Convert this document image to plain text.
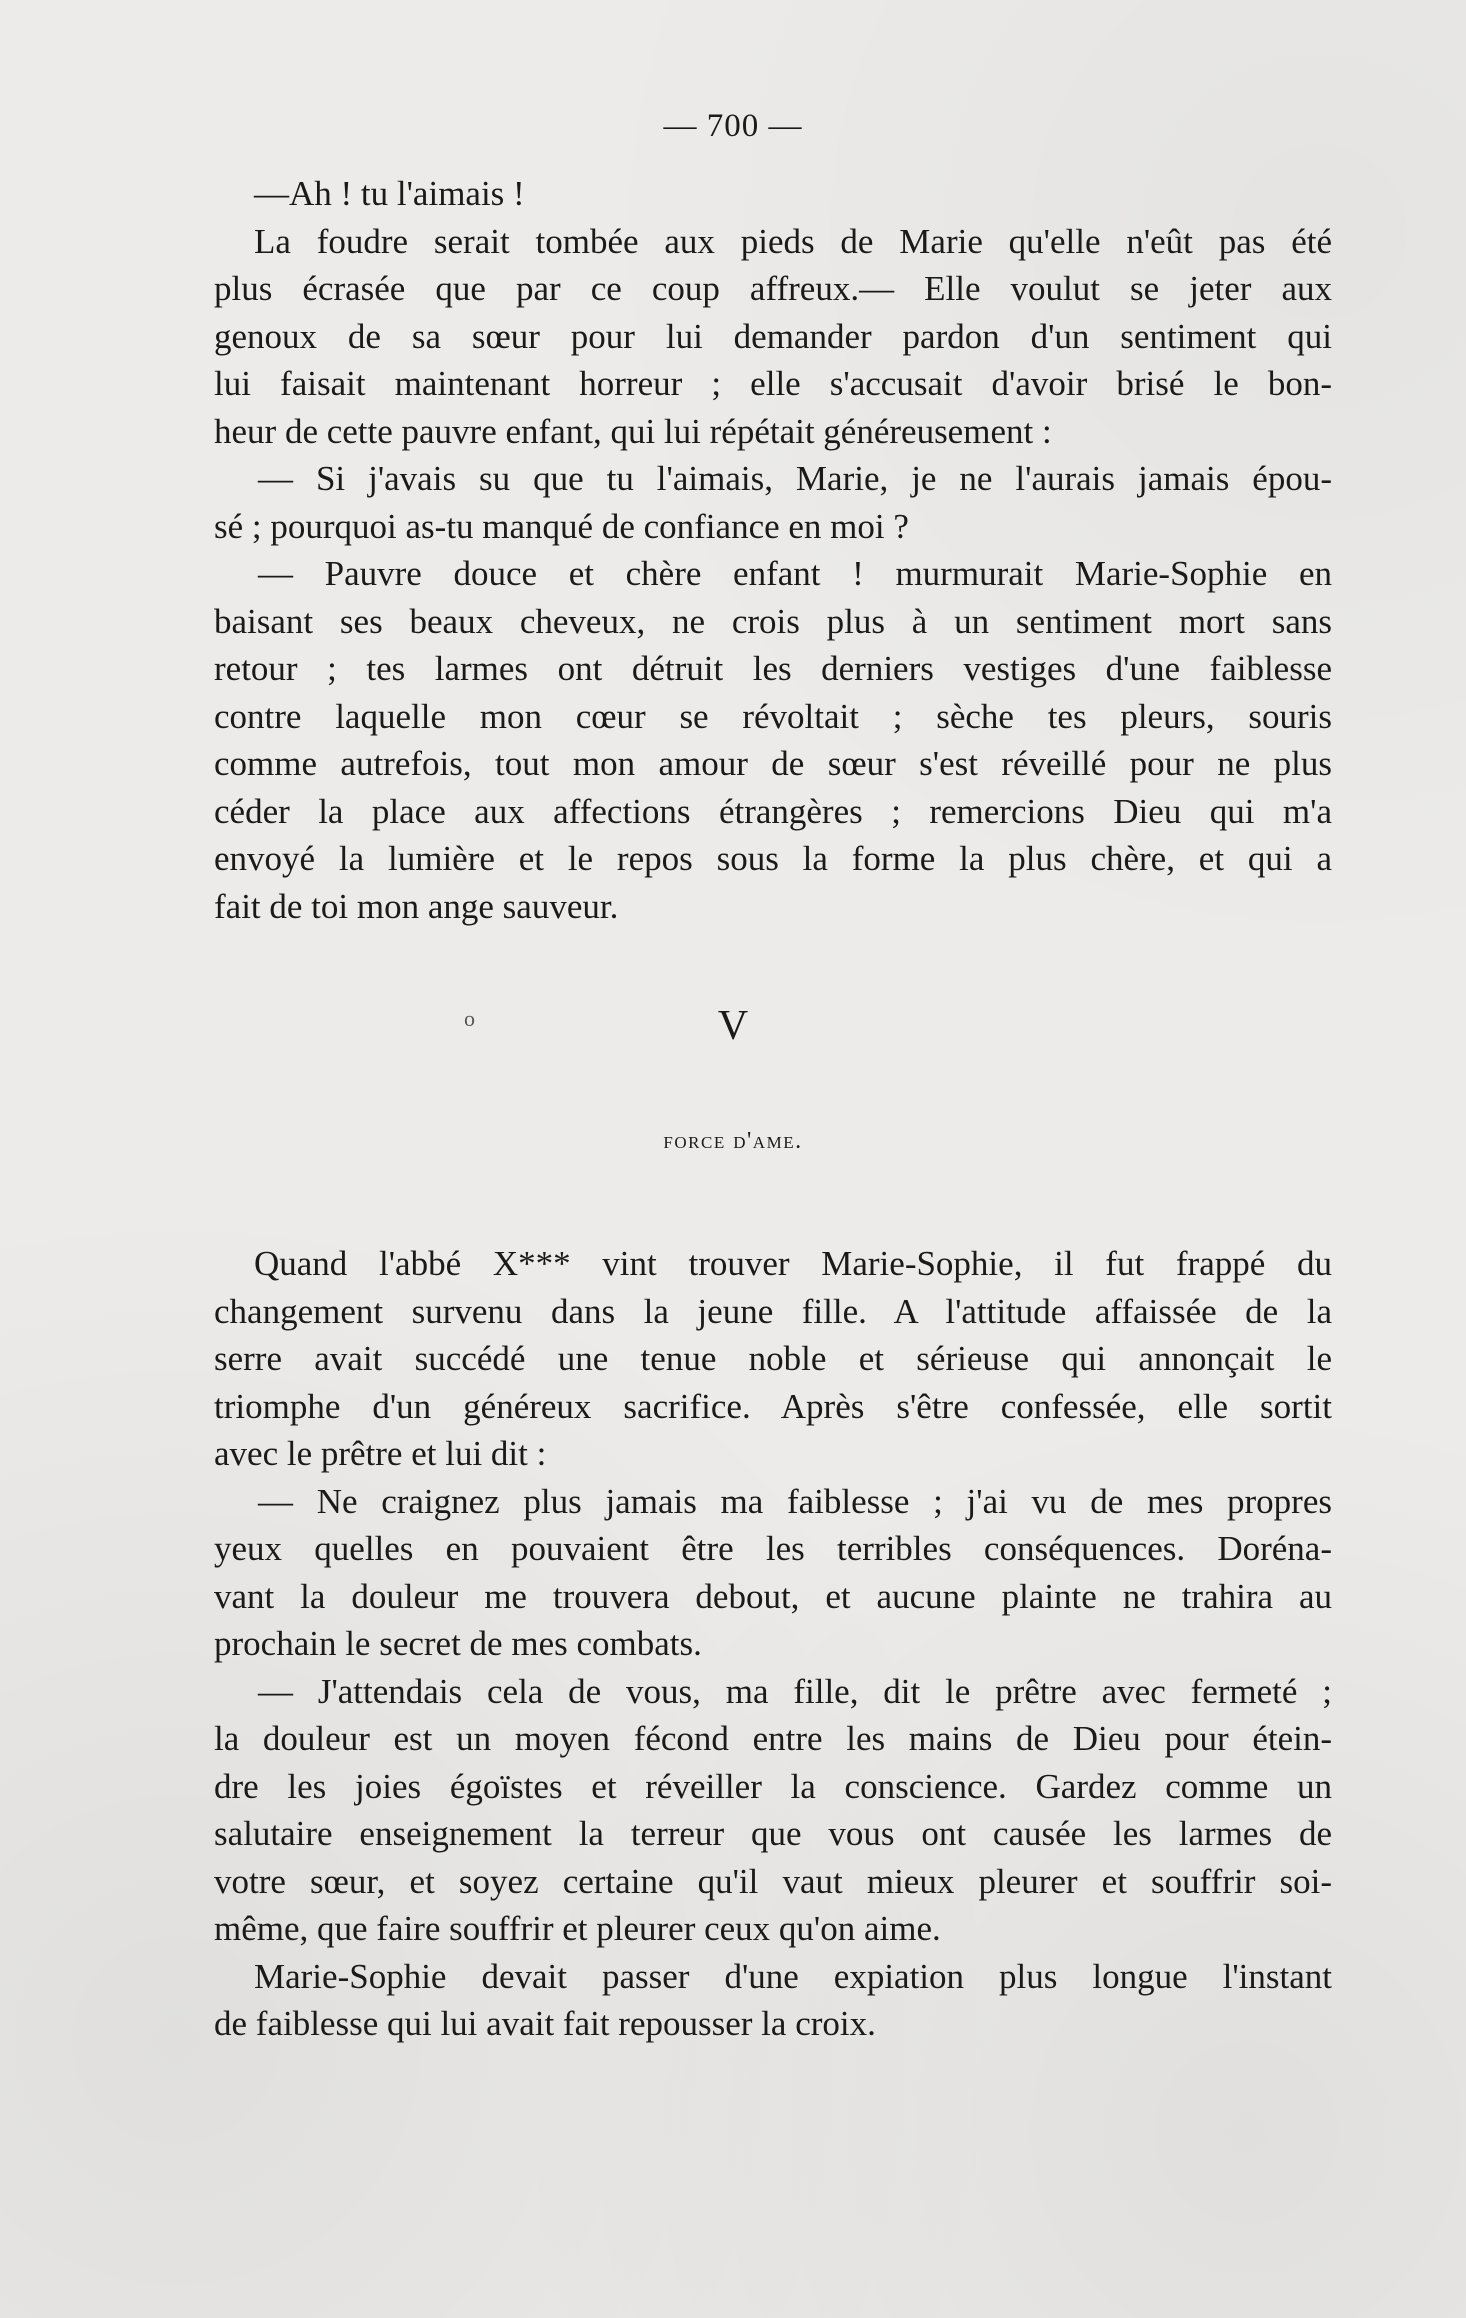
— 700 —
—Ah ! tu l'aimais !
La foudre serait tombée aux pieds de Marie qu'elle n'eût pas été
plus écrasée que par ce coup affreux.— Elle voulut se jeter aux
genoux de sa sœur pour lui demander pardon d'un sentiment qui
lui faisait maintenant horreur ; elle s'accusait d'avoir brisé le bon-
heur de cette pauvre enfant, qui lui répétait généreusement :
— Si j'avais su que tu l'aimais, Marie, je ne l'aurais jamais épou-
sé ; pourquoi as-tu manqué de confiance en moi ?
— Pauvre douce et chère enfant ! murmurait Marie-Sophie en
baisant ses beaux cheveux, ne crois plus à un sentiment mort sans
retour ; tes larmes ont détruit les derniers vestiges d'une faiblesse
contre laquelle mon cœur se révoltait ; sèche tes pleurs, souris
comme autrefois, tout mon amour de sœur s'est réveillé pour ne plus
céder la place aux affections étrangères ; remercions Dieu qui m'a
envoyé la lumière et le repos sous la forme la plus chère, et qui a
fait de toi mon ange sauveur.
o	V
force d'ame.
Quand l'abbé X*** vint trouver Marie-Sophie, il fut frappé du
changement survenu dans la jeune fille. A l'attitude affaissée de la
serre avait succédé une tenue noble et sérieuse qui annonçait le
triomphe d'un généreux sacrifice. Après s'être confessée, elle sortit
avec le prêtre et lui dit :
— Ne craignez plus jamais ma faiblesse ; j'ai vu de mes propres
yeux quelles en pouvaient être les terribles conséquences. Doréna-
vant la douleur me trouvera debout, et aucune plainte ne trahira au
prochain le secret de mes combats.
— J'attendais cela de vous, ma fille, dit le prêtre avec fermeté ;
la douleur est un moyen fécond entre les mains de Dieu pour étein-
dre les joies égoïstes et réveiller la conscience. Gardez comme un
salutaire enseignement la terreur que vous ont causée les larmes de
votre sœur, et soyez certaine qu'il vaut mieux pleurer et souffrir soi-
même, que faire souffrir et pleurer ceux qu'on aime.
Marie-Sophie devait passer d'une expiation plus longue l'instant
de faiblesse qui lui avait fait repousser la croix.
